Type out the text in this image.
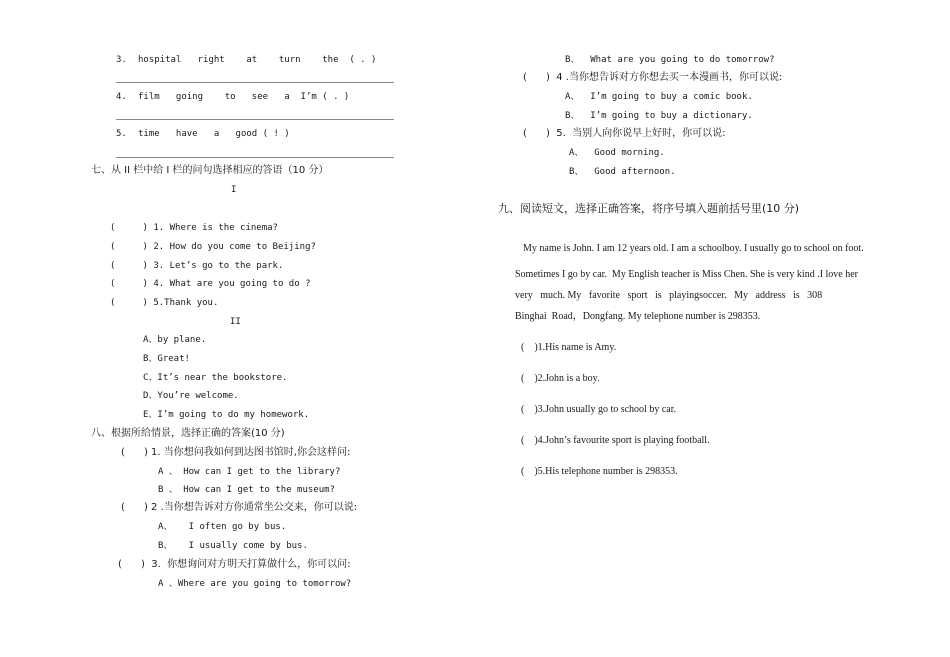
3. hospital   right    at    turn    the  ( . )
4. film   going    to   see   a  I’m ( . )
5. time   have   a   good ( ! )
七、从 II 栏中给 I 栏的问句选择相应的答语（10 分）
I
(     ) 1. Where is the cinema?
(     ) 2. How do you come to Beijing?
(     ) 3. Let’s go to the park.
(     ) 4. What are you going to do ?
(     ) 5.Thank you.
II
A、by plane.
B、Great!
C、It’s near the bookstore.
D、You’re welcome.
E、I’m going to do my homework.
八、根据所给情景，选择正确的答案(10 分)
(      ) 1. 当你想问我如何到达图书馆时,你会这样问:
A 、 How can I get to the library?
B 、 How can I get to the museum?
(      ) 2 .当你想告诉对方你通常坐公交来，你可以说:
A、   I often go by bus.
B、   I usually come by bus.
(      )  3.  你想询问对方明天打算做什么，你可以问:
A 、Where are you going to tomorrow?
B、  What are you going to do tomorrow?
(      )  4 .当你想告诉对方你想去买一本漫画书，你可以说:
A、  I’m going to buy a comic book.
B、  I’m going to buy a dictionary.
(      )  5.  当别人向你说早上好时，你可以说:
A、  Good morning.
B、  Good afternoon.
九、阅读短文，选择正确答案，将序号填入题前括号里(10 分)
My name is John. I am 12 years old. I am a schoolboy. I usually go to school on foot.
Sometimes I go by car.  My English teacher is Miss Chen. She is very kind .I love her
very   much. My   favorite   sport   is   playingsoccer.   My   address   is   308
Binghai  Road，Dongfang. My telephone number is 298353.
(    )1.His name is Amy.
(    )2.John is a boy.
(    )3.John usually go to school by car.
(    )4.John’s favourite sport is playing football.
(    )5.His telephone number is 298353.
